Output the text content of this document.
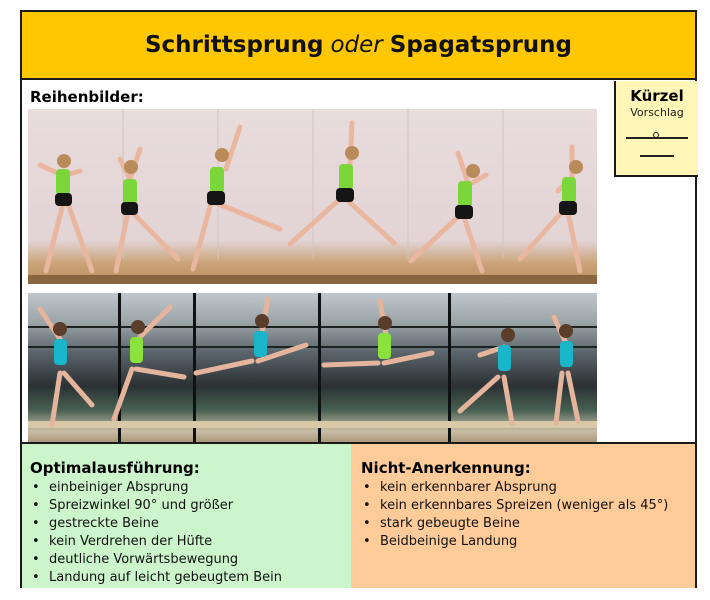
Schrittsprung oder Spagatsprung
Reihenbilder:	Kürzel
Vorschlag
Optimalausführung:
• einbeiniger Absprung
• Spreizwinkel 90° und größer
• gestreckte Beine
• kein Verdrehen der Hüfte
• deutliche Vorwärtsbewegung
• Landung auf leicht gebeugtem Bein
Nicht-Anerkennung:
• kein erkennbarer Absprung
• kein erkennbares Spreizen (weniger als 45°)
• stark gebeugte Beine
• Beidbeinige Landung
